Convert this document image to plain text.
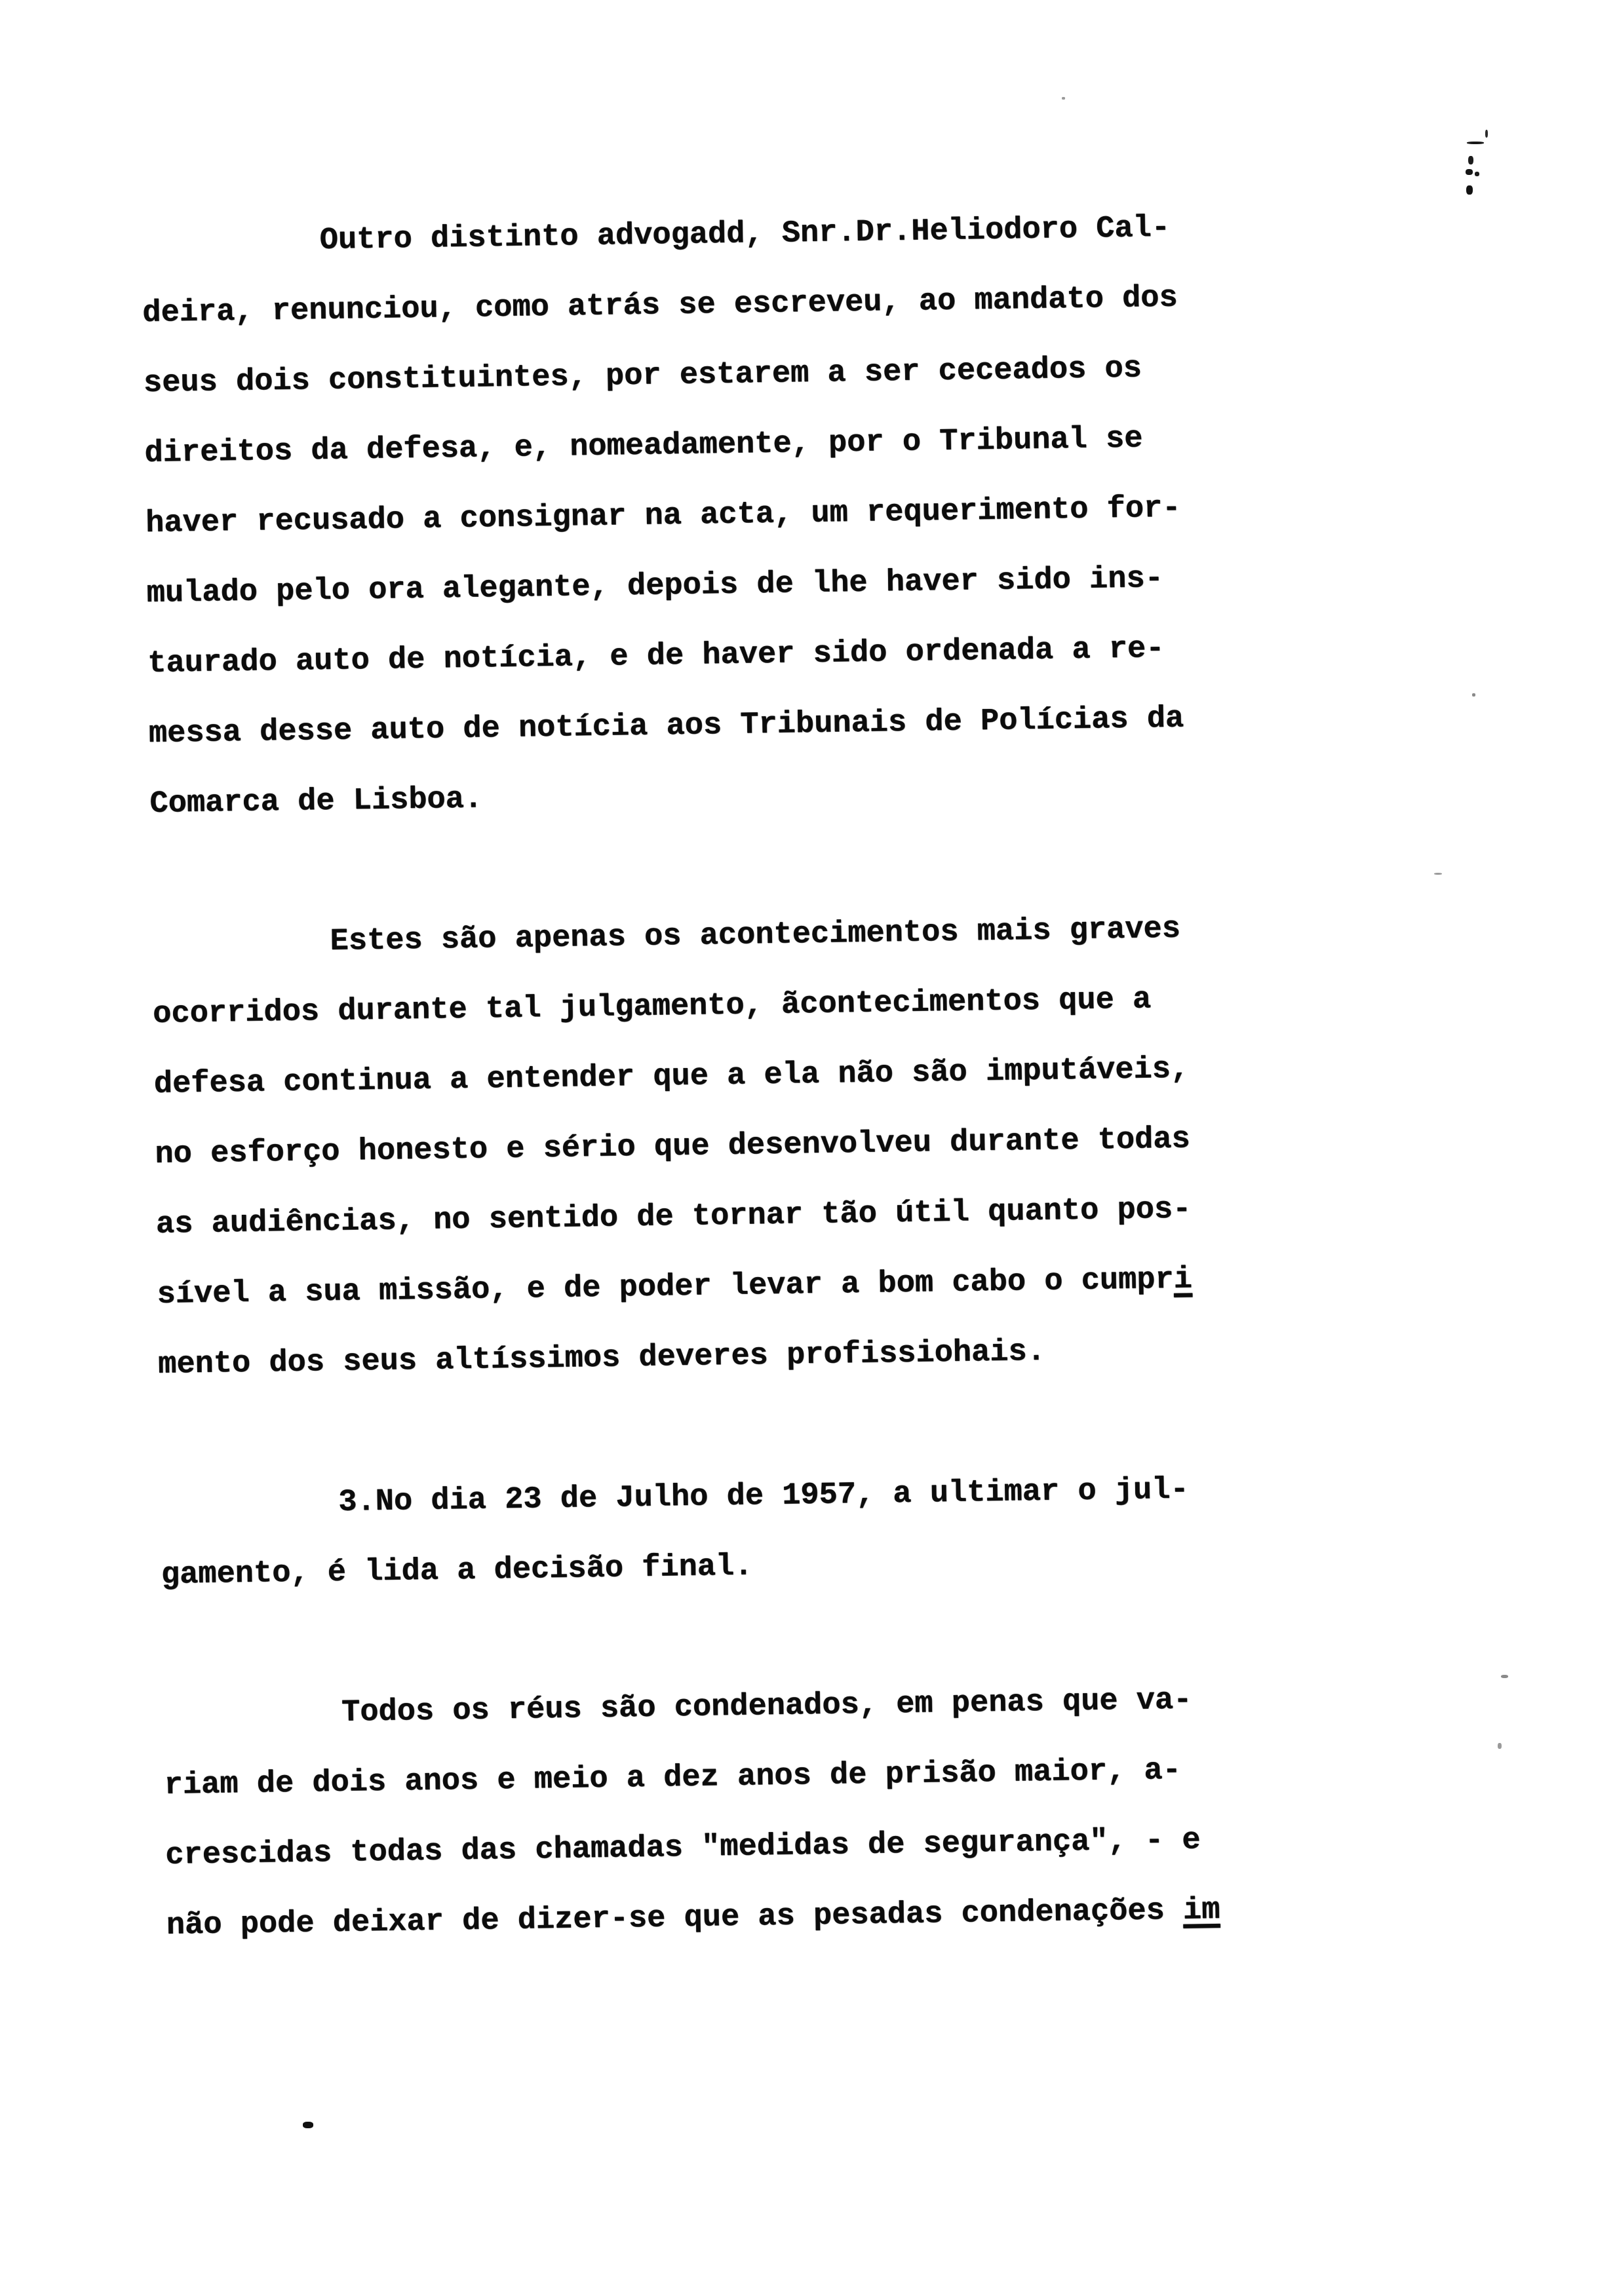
Outro distinto advogadd, Snr.Dr.Heliodoro Cal-
deira, renunciou, como atrás se escreveu, ao mandato dos
seus dois constituintes, por estarem a ser ceceados os
direitos da defesa, e, nomeadamente, por o Tribunal se
haver recusado a consignar na acta, um requerimento for-
mulado pelo ora alegante, depois de lhe haver sido ins-
taurado auto de notícia, e de haver sido ordenada a re-
messa desse auto de notícia aos Tribunais de Polícias da
Comarca de Lisboa.
Estes são apenas os acontecimentos mais graves
ocorridos durante tal julgamento, ãcontecimentos que a
defesa continua a entender que a ela não são imputáveis,
no esforço honesto e sério que desenvolveu durante todas
as audiências, no sentido de tornar tão útil quanto pos-
sível a sua missão, e de poder levar a bom cabo o cumpri
mento dos seus altíssimos deveres profissiohais.
3.No dia 23 de Julho de 1957, a ultimar o jul-
gamento, é lida a decisão final.
Todos os réus são condenados, em penas que va-
riam de dois anos e meio a dez anos de prisão maior, a-
crescidas todas das chamadas "medidas de segurança", - e
não pode deixar de dizer-se que as pesadas condenações im
